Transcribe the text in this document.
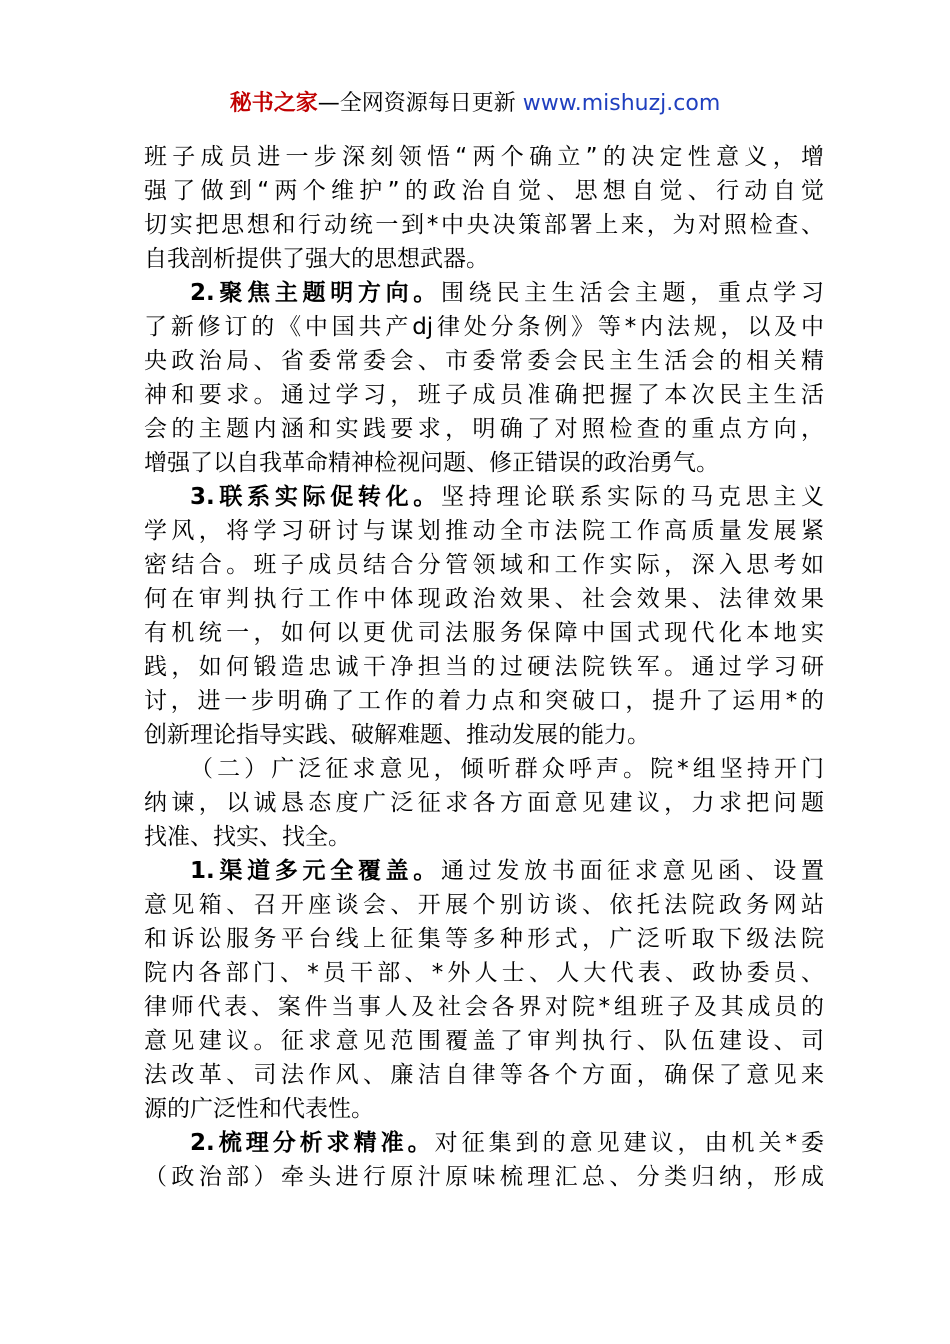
秘书之家—全网资源每日更新 www.mishuzj.com
班子成员进一步深刻领悟“两个确立”的决定性意义，增
强了做到“两个维护”的政治自觉、思想自觉、行动自觉
切实把思想和行动统一到*中央决策部署上来，为对照检查、
自我剖析提供了强大的思想武器。
2.聚焦主题明方向。围绕民主生活会主题，重点学习
了新修订的《中国共产dj律处分条例》等*内法规，以及中
央政治局、省委常委会、市委常委会民主生活会的相关精
神和要求。通过学习，班子成员准确把握了本次民主生活
会的主题内涵和实践要求，明确了对照检查的重点方向，
增强了以自我革命精神检视问题、修正错误的政治勇气。
3.联系实际促转化。坚持理论联系实际的马克思主义
学风，将学习研讨与谋划推动全市法院工作高质量发展紧
密结合。班子成员结合分管领域和工作实际，深入思考如
何在审判执行工作中体现政治效果、社会效果、法律效果
有机统一，如何以更优司法服务保障中国式现代化本地实
践，如何锻造忠诚干净担当的过硬法院铁军。通过学习研
讨，进一步明确了工作的着力点和突破口，提升了运用*的
创新理论指导实践、破解难题、推动发展的能力。
（二）广泛征求意见，倾听群众呼声。院*组坚持开门
纳谏，以诚恳态度广泛征求各方面意见建议，力求把问题
找准、找实、找全。
1.渠道多元全覆盖。通过发放书面征求意见函、设置
意见箱、召开座谈会、开展个别访谈、依托法院政务网站
和诉讼服务平台线上征集等多种形式，广泛听取下级法院
院内各部门、*员干部、*外人士、人大代表、政协委员、
律师代表、案件当事人及社会各界对院*组班子及其成员的
意见建议。征求意见范围覆盖了审判执行、队伍建设、司
法改革、司法作风、廉洁自律等各个方面，确保了意见来
源的广泛性和代表性。
2.梳理分析求精准。对征集到的意见建议，由机关*委
（政治部）牵头进行原汁原味梳理汇总、分类归纳，形成
